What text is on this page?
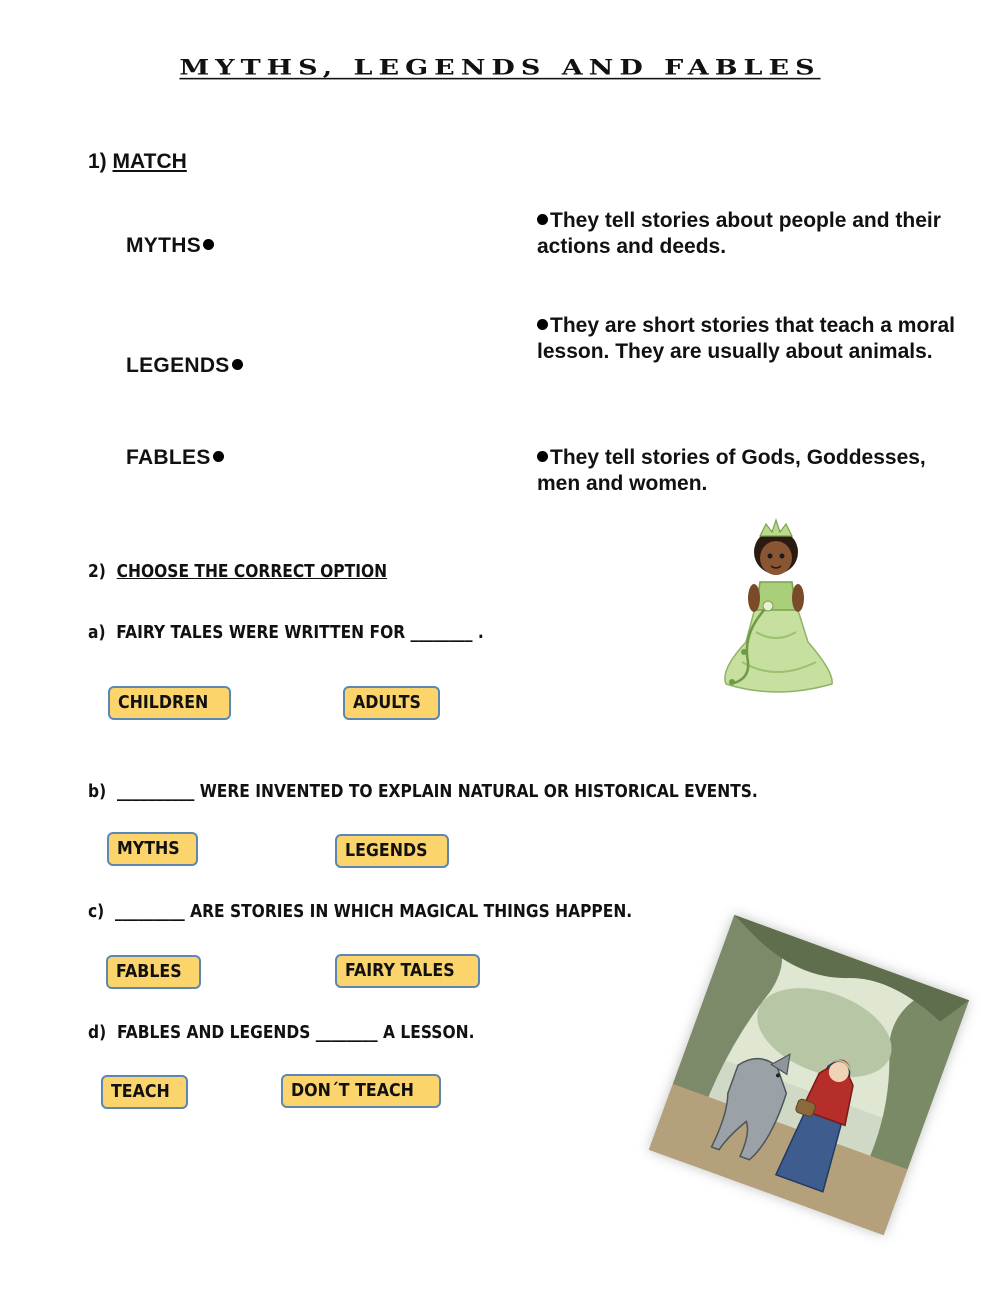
MYTHS, LEGENDS AND FABLES
1) MATCH
MYTHS
LEGENDS
FABLES
They tell stories about people and their actions and deeds.
They are short stories that teach a moral lesson. They are usually about animals.
They tell stories of Gods, Goddesses, men and women.
2) CHOOSE THE CORRECT OPTION
a)  FAIRY TALES WERE WRITTEN FOR ________ .
CHILDREN	ADULTS
b)  __________ WERE INVENTED TO EXPLAIN NATURAL OR HISTORICAL EVENTS.
MYTHS	LEGENDS
c)  _________ ARE STORIES IN WHICH MAGICAL THINGS HAPPEN.
FABLES	FAIRY TALES
d)  FABLES AND LEGENDS ________ A LESSON.
TEACH	DON´T TEACH
